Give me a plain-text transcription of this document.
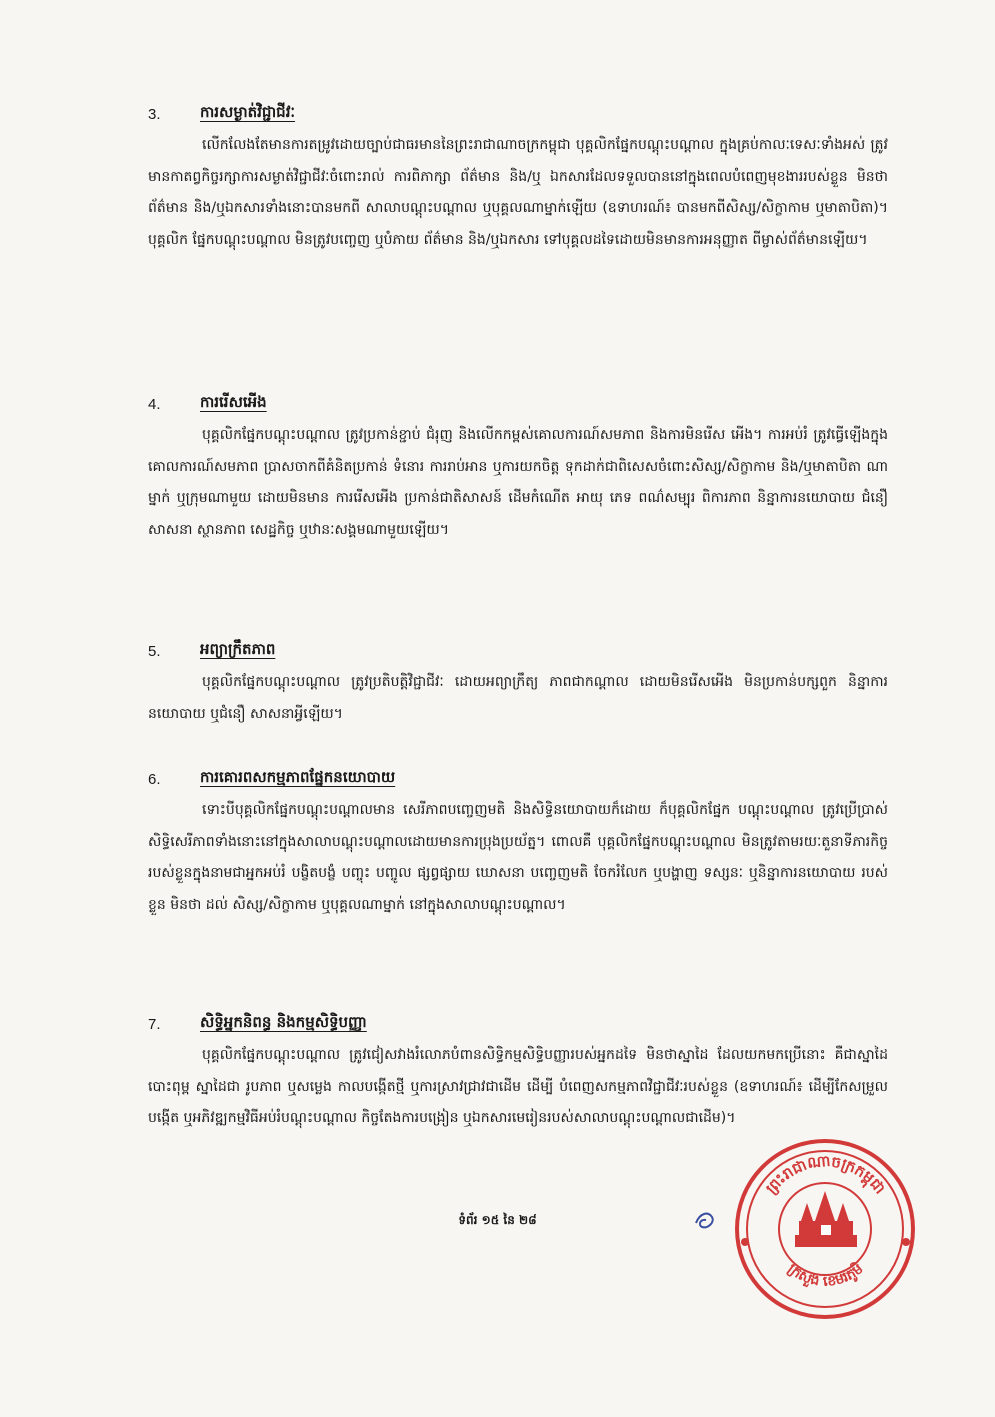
3.	ការសម្ងាត់វិជ្ជាជីវៈ
លើកលែងតែមានការតម្រូវដោយច្បាប់ជាធរមាននៃព្រះរាជាណាចក្រកម្ពុជា បុគ្គលិកផ្នែកបណ្តុះបណ្តាល ក្នុងគ្រប់កាលៈទេសៈទាំងអស់ ត្រូវមានកាតព្វកិច្ចរក្សាការសម្ងាត់វិជ្ជាជីវៈចំពោះរាល់ ការពិភាក្សា ព័ត៌មាន និង/ឬ ឯកសារដែលទទួលបាននៅក្នុងពេលបំពេញមុខងាររបស់ខ្លួន មិនថាព័ត៌មាន និង/ឬឯកសារទាំងនោះបានមកពី សាលាបណ្តុះបណ្តាល ឬបុគ្គលណាម្នាក់ឡើយ (ឧទាហរណ៍៖ បានមកពីសិស្ស/សិក្ខាកាម ឬមាតាបិតា)។ បុគ្គលិក ផ្នែកបណ្តុះបណ្តាល មិនត្រូវបញ្ចេញ ឬបំភាយ ព័ត៌មាន និង/ឬឯកសារ ទៅបុគ្គលដទៃដោយមិនមានការអនុញ្ញាត ពីម្ចាស់ព័ត៌មានឡើយ។
4.	ការរើសអើង
បុគ្គលិកផ្នែកបណ្តុះបណ្តាល ត្រូវប្រកាន់ខ្ជាប់ ជំរុញ និងលើកកម្ពស់គោលការណ៍សមភាព និងការមិនរើស អើង។ ការអប់រំ ត្រូវធ្វើឡើងក្នុងគោលការណ៍សមភាព ប្រាសចាកពីគំនិតប្រកាន់ ទំនោរ ការរាប់អាន ឬការយកចិត្ត ទុកដាក់ជាពិសេសចំពោះសិស្ស/សិក្ខាកាម និង/ឬមាតាបិតា ណាម្នាក់ ឬក្រុមណាមួយ ដោយមិនមាន ការរើសអើង ប្រកាន់ជាតិសាសន៍ ដើមកំណើត អាយុ ភេទ ពណ៌សម្បុរ ពិការភាព និន្នាការនយោបាយ ជំនឿ សាសនា ស្ថានភាព សេដ្ឋកិច្ច ឬឋានៈសង្គមណាមួយឡើយ។
5.	អព្យាក្រឹតភាព
បុគ្គលិកផ្នែកបណ្តុះបណ្តាល ត្រូវប្រតិបត្តិវិជ្ជាជីវៈ ដោយអព្យាក្រឹត្យ ភាពជាកណ្តាល ដោយមិនរើសអើង មិនប្រកាន់បក្សពួក និន្នាការ នយោបាយ ឬជំនឿ សាសនាអ្វីឡើយ។
6.	ការគោរពសកម្មភាពផ្នែកនយោបាយ
ទោះបីបុគ្គលិកផ្នែកបណ្តុះបណ្តាលមាន សេរីភាពបញ្ចេញមតិ និងសិទ្ធិនយោបាយក៏ដោយ ក៏បុគ្គលិកផ្នែក បណ្តុះបណ្តាល ត្រូវប្រើប្រាស់សិទ្ធិសេរីភាពទាំងនោះនៅក្នុងសាលាបណ្តុះបណ្តាលដោយមានការប្រុងប្រយ័ត្ន។ ពោលគឺ បុគ្គលិកផ្នែកបណ្តុះបណ្តាល មិនត្រូវតាមរយៈតួនាទីភារកិច្ចរបស់ខ្លួនក្នុងនាមជាអ្នកអប់រំ បង្ខិតបង្ខំ បញ្ចុះ បញ្ចូល ផ្សព្វផ្សាយ ឃោសនា បញ្ចេញមតិ ចែករំលែក ឬបង្ហាញ ទស្សនៈ ឬនិន្នាការនយោបាយ របស់ខ្លួន មិនថា ដល់ សិស្ស/សិក្ខាកាម ឬបុគ្គលណាម្នាក់ នៅក្នុងសាលាបណ្តុះបណ្តាល។
7.	សិទ្ធិអ្នកនិពន្ធ និងកម្មសិទ្ធិបញ្ញា
បុគ្គលិកផ្នែកបណ្តុះបណ្តាល ត្រូវជៀសវាងរំលោភបំពានសិទ្ធិកម្មសិទ្ធិបញ្ញារបស់អ្នកដទៃ មិនថាស្នាដៃ ដែលយកមកប្រើនោះ គឺជាស្នាដៃបោះពុម្ព ស្នាដៃជា រូបភាព ឬសម្លេង កាលបង្កើតថ្មី ឬការស្រាវជ្រាវជាដើម ដើម្បី បំពេញសកម្មភាពវិជ្ជាជីវៈរបស់ខ្លួន (ឧទាហរណ៍៖ ដើម្បីកែសម្រួល បង្កើត ឬអភិវឌ្ឍកម្មវិធីអប់រំបណ្តុះបណ្តាល កិច្ចតែងការបង្រៀន ឬឯកសារមេរៀនរបស់សាលាបណ្តុះបណ្តាលជាដើម)។
ទំព័រ ១៥ នៃ ២៨
ព្រះរាជាណាចក្រកម្ពុជា
ក្រសួង ខេមរភូមិ
